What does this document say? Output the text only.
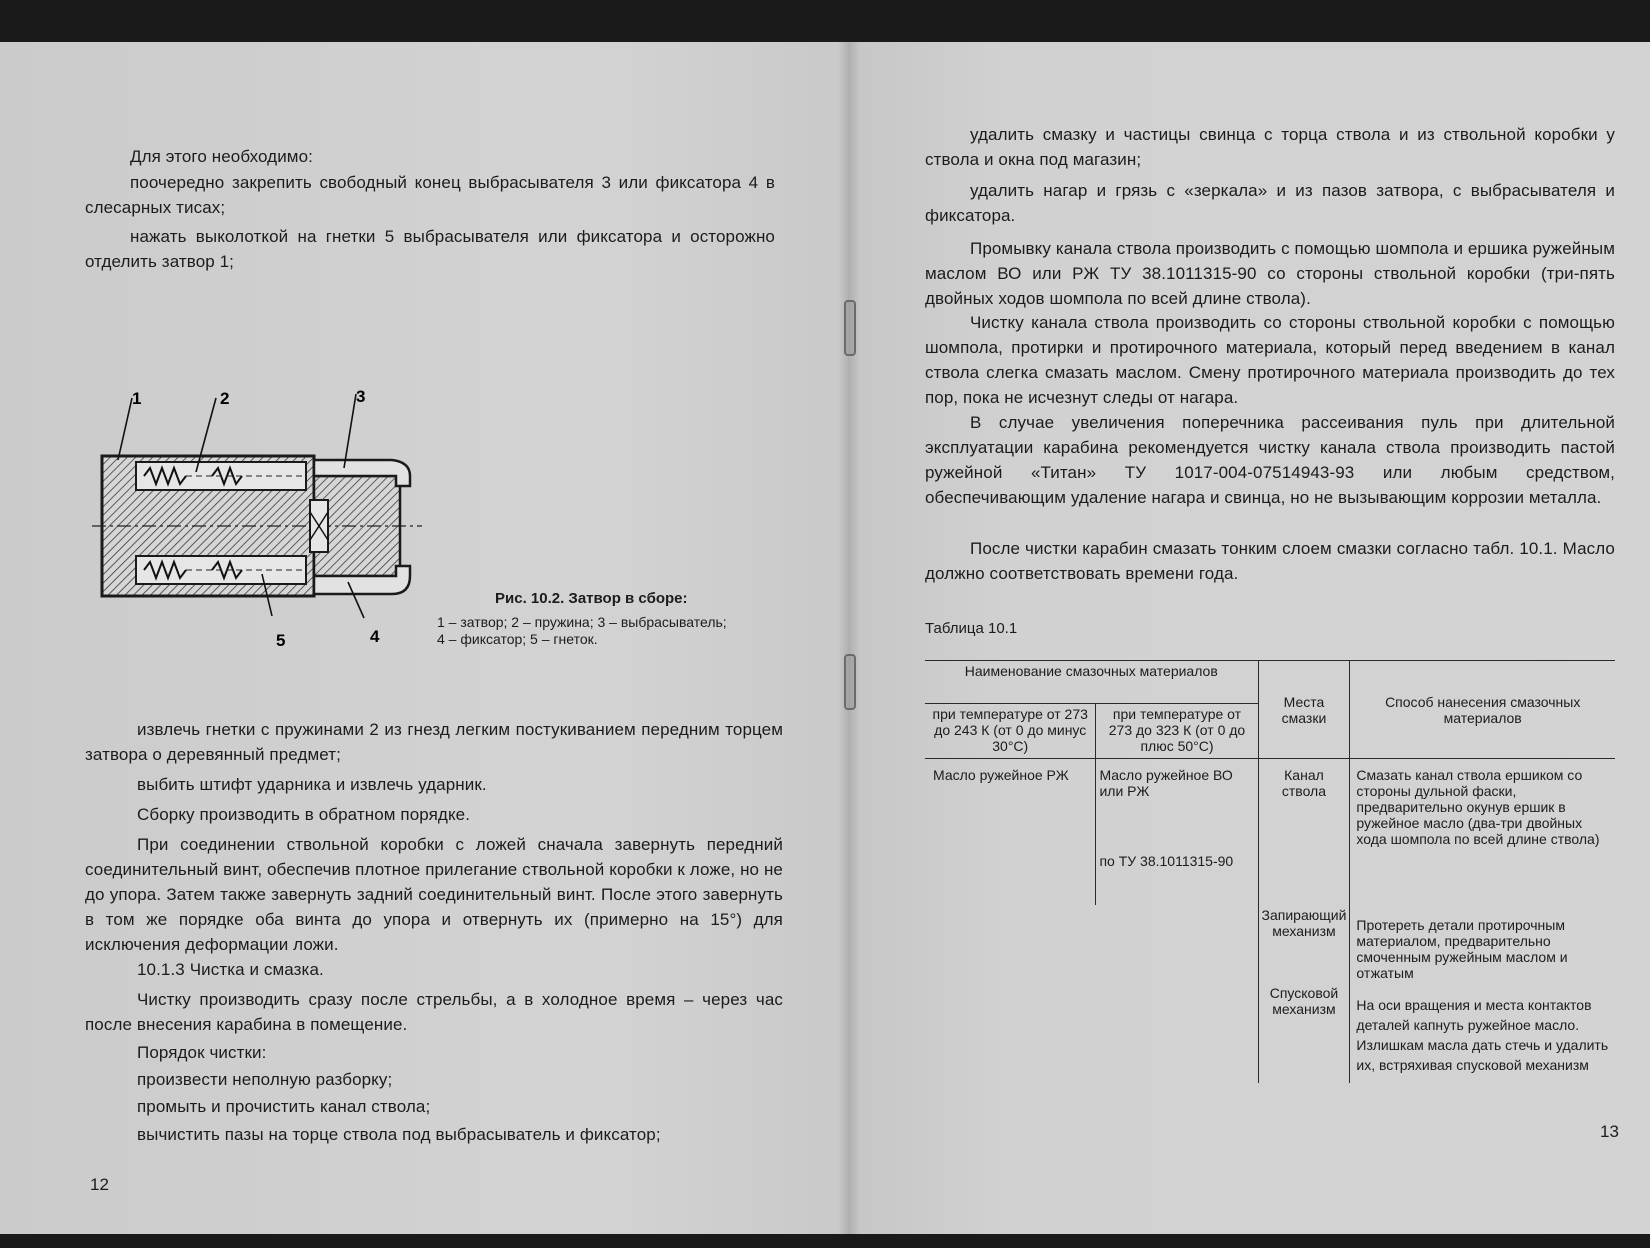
Для этого необходимо:

поочередно закрепить свободный конец выбрасывателя 3 или фиксатора 4 в слесарных тисах;

нажать выколоткой на гнетки 5 выбрасывателя или фиксатора и осторожно отделить затвор 1;

1	2	3
4
5
Рис. 10.2. Затвор в сборе:
1 – затвор; 2 – пружина; 3 – выбрасыватель;
4 – фиксатор; 5 – гнеток.

извлечь гнетки с пружинами 2 из гнезд легким постукиванием передним торцем затвора о деревянный предмет;

выбить штифт ударника и извлечь ударник.

Сборку производить в обратном порядке.

При соединении ствольной коробки с ложей сначала завернуть передний соединительный винт, обеспечив плотное прилегание ствольной коробки к ложе, но не до упора. Затем также завернуть задний соединительный винт. После этого завернуть в том же порядке оба винта до упора и отвернуть их (примерно на 15°) для исключения деформации ложи.

10.1.3 Чистка и смазка.

Чистку производить сразу после стрельбы, а в холодное время – через час после внесения карабина в помещение.

Порядок чистки:

произвести неполную разборку;

промыть и прочистить канал ствола;

вычистить пазы на торце ствола под выбрасыватель и фиксатор;

12

удалить смазку и частицы свинца с торца ствола и из ствольной коробки у ствола и окна под магазин;

удалить нагар и грязь с «зеркала» и из пазов затвора, с выбрасывателя и фиксатора.

Промывку канала ствола производить с помощью шомпола и ершика ружейным маслом ВО или РЖ ТУ 38.1011315-90 со стороны ствольной коробки (три-пять двойных ходов шомпола по всей длине ствола).

Чистку канала ствола производить со стороны ствольной коробки с помощью шомпола, протирки и протирочного материала, который перед введением в канал ствола слегка смазать маслом. Смену протирочного материала производить до тех пор, пока не исчезнут следы от нагара.

В случае увеличения поперечника рассеивания пуль при длительной эксплуатации карабина рекомендуется чистку канала ствола производить пастой ружейной «Титан» ТУ 1017-004-07514943-93 или любым средством, обеспечивающим удаление нагара и свинца, но не вызывающим коррозии металла.

После чистки карабин смазать тонким слоем смазки согласно табл. 10.1. Масло должно соответствовать времени года.

13
Таблица 10.1
Наименование смазочных материалов		Места смазки	Способ нанесения смазочных материалов
при температуре от 273 до 243 К (от 0 до минус 30°С)	при температуре от 273 до 323 К (от 0 до плюс 50°С)		
Масло ружейное РЖ	Масло ружейное ВО или РЖ	Канал ствола	Смазать канал ствола ершиком со стороны дульной фаски, предварительно окунув ершик в ружейное масло (два-три двойных хода шомпола по всей длине ствола)
	по ТУ 38.1011315-90		
		Запирающий механизм	Протереть детали протирочным материалом, предварительно смоченным ружейным маслом и отжатым
		Спусковой механизм	На оси вращения и места контактов деталей капнуть ружейное масло. Излишкам масла дать стечь и удалить их, встряхивая спусковой механизм
